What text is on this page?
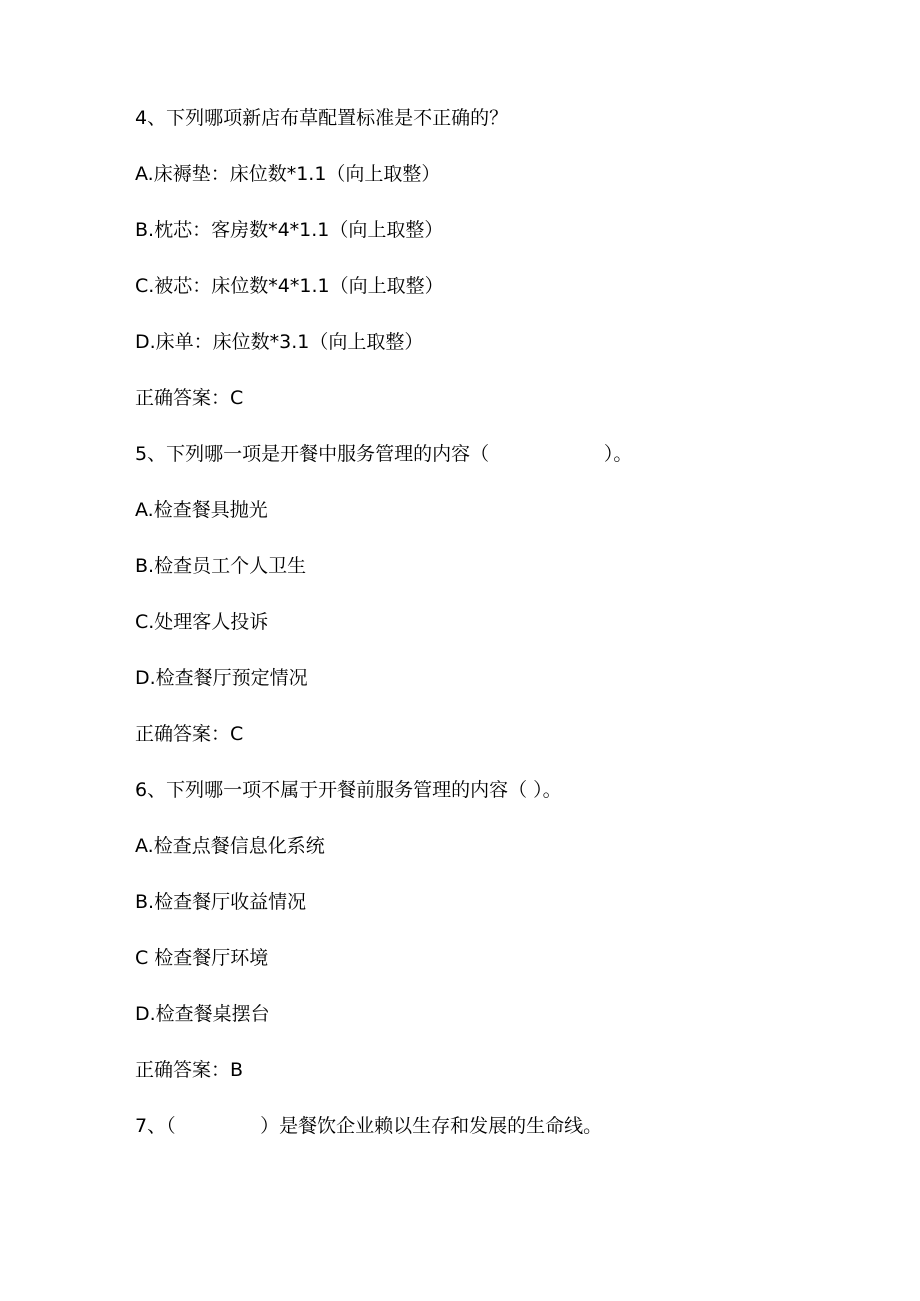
4、下列哪项新店布草配置标准是不正确的？
A.床褥垫：床位数*1.1（向上取整）
B.枕芯：客房数*4*1.1（向上取整）
C.被芯：床位数*4*1.1（向上取整）
D.床单：床位数*3.1（向上取整）
正确答案：C
5、下列哪一项是开餐中服务管理的内容（                   ）。
A.检查餐具抛光
B.检查员工个人卫生
C.处理客人投诉
D.检查餐厅预定情况
正确答案：C
6、下列哪一项不属于开餐前服务管理的内容（ ）。
A.检查点餐信息化系统
B.检查餐厅收益情况
C 检查餐厅环境
D.检查餐桌摆台
正确答案：B
7、（              ）是餐饮企业赖以生存和发展的生命线。
